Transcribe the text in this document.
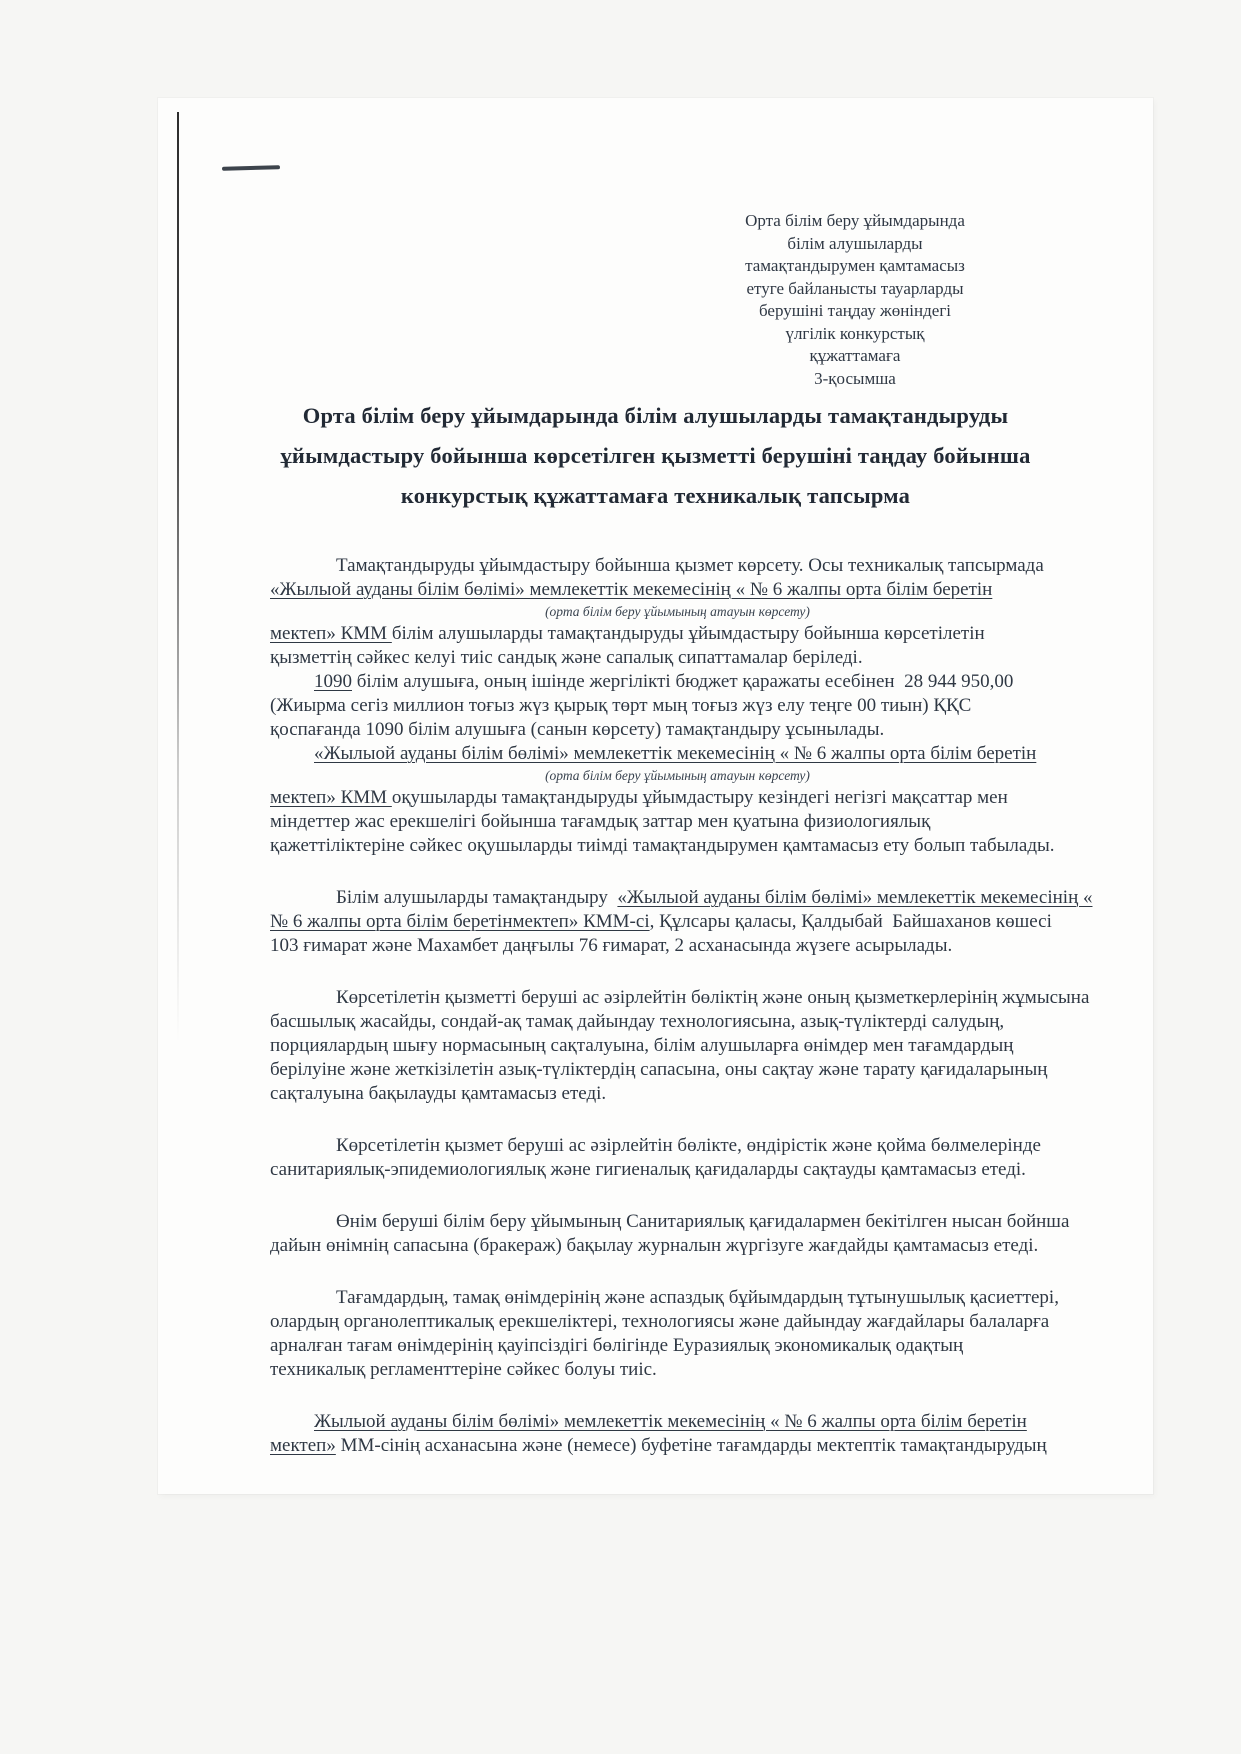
Орта білім беру ұйымдарында
білім алушыларды
тамақтандырумен қамтамасыз
етуге байланысты тауарларды
берушіні таңдау жөніндегі
үлгілік конкурстық
құжаттамаға
3-қосымша
Орта білім беру ұйымдарында білім алушыларды тамақтандыруды
ұйымдастыру бойынша көрсетілген қызметті берушіні таңдау бойынша
конкурстық құжаттамаға техникалық тапсырма
Тамақтандыруды ұйымдастыру бойынша қызмет көрсету. Осы техникалық тапсырмада
«Жылыой ауданы білім бөлімі» мемлекеттік мекемесінің « № 6 жалпы орта білім беретін
(орта білім беру ұйымының атауын көрсету)
мектеп» КММ білім алушыларды тамақтандыруды ұйымдастыру бойынша көрсетілетін
қызметтің сәйкес келуі тиіс сандық және сапалық сипаттамалар беріледі.
1090 білім алушыға, оның ішінде жергілікті бюджет қаражаты есебінен  28 944 950,00
(Жиырма сегіз миллион тоғыз жүз қырық төрт мың тоғыз жүз елу теңге 00 тиын) ҚҚС
қоспағанда 1090 білім алушыға (санын көрсету) тамақтандыру ұсынылады.
«Жылыой ауданы білім бөлімі» мемлекеттік мекемесінің « № 6 жалпы орта білім беретін
(орта білім беру ұйымының атауын көрсету)
мектеп» КММ оқушыларды тамақтандыруды ұйымдастыру кезіндегі негізгі мақсаттар мен
міндеттер жас ерекшелігі бойынша тағамдық заттар мен қуатына физиологиялық
қажеттіліктеріне сәйкес оқушыларды тиімді тамақтандырумен қамтамасыз ету болып табылады.
Білім алушыларды тамақтандыру  «Жылыой ауданы білім бөлімі» мемлекеттік мекемесінің «
№ 6 жалпы орта білім беретінмектеп» КММ-сі, Құлсары қаласы, Қалдыбай  Байшаханов көшесі
103 ғимарат және Махамбет даңғылы 76 ғимарат, 2 асханасында жүзеге асырылады.
Көрсетілетін қызметті беруші ас әзірлейтін бөліктің және оның қызметкерлерінің жұмысына
басшылық жасайды, сондай-ақ тамақ дайындау технологиясына, азық-түліктерді салудың,
порциялардың шығу нормасының сақталуына, білім алушыларға өнімдер мен тағамдардың
берілуіне және жеткізілетін азық-түліктердің сапасына, оны сақтау және тарату қағидаларының
сақталуына бақылауды қамтамасыз етеді.
Көрсетілетін қызмет беруші ас әзірлейтін бөлікте, өндірістік және қойма бөлмелерінде
санитариялық-эпидемиологиялық және гигиеналық қағидаларды сақтауды қамтамасыз етеді.
Өнім беруші білім беру ұйымының Санитариялық қағидалармен бекітілген нысан бойнша
дайын өнімнің сапасына (бракераж) бақылау журналын жүргізуге жағдайды қамтамасыз етеді.
Тағамдардың, тамақ өнімдерінің және аспаздық бұйымдардың тұтынушылық қасиеттері,
олардың органолептикалық ерекшеліктері, технологиясы және дайындау жағдайлары балаларға
арналған тағам өнімдерінің қауіпсіздігі бөлігінде Еуразиялық экономикалық одақтың
техникалық регламенттеріне сәйкес болуы тиіс.
Жылыой ауданы білім бөлімі» мемлекеттік мекемесінің « № 6 жалпы орта білім беретін
мектеп» ММ-сінің асханасына және (немесе) буфетіне тағамдарды мектептік тамақтандырудың
